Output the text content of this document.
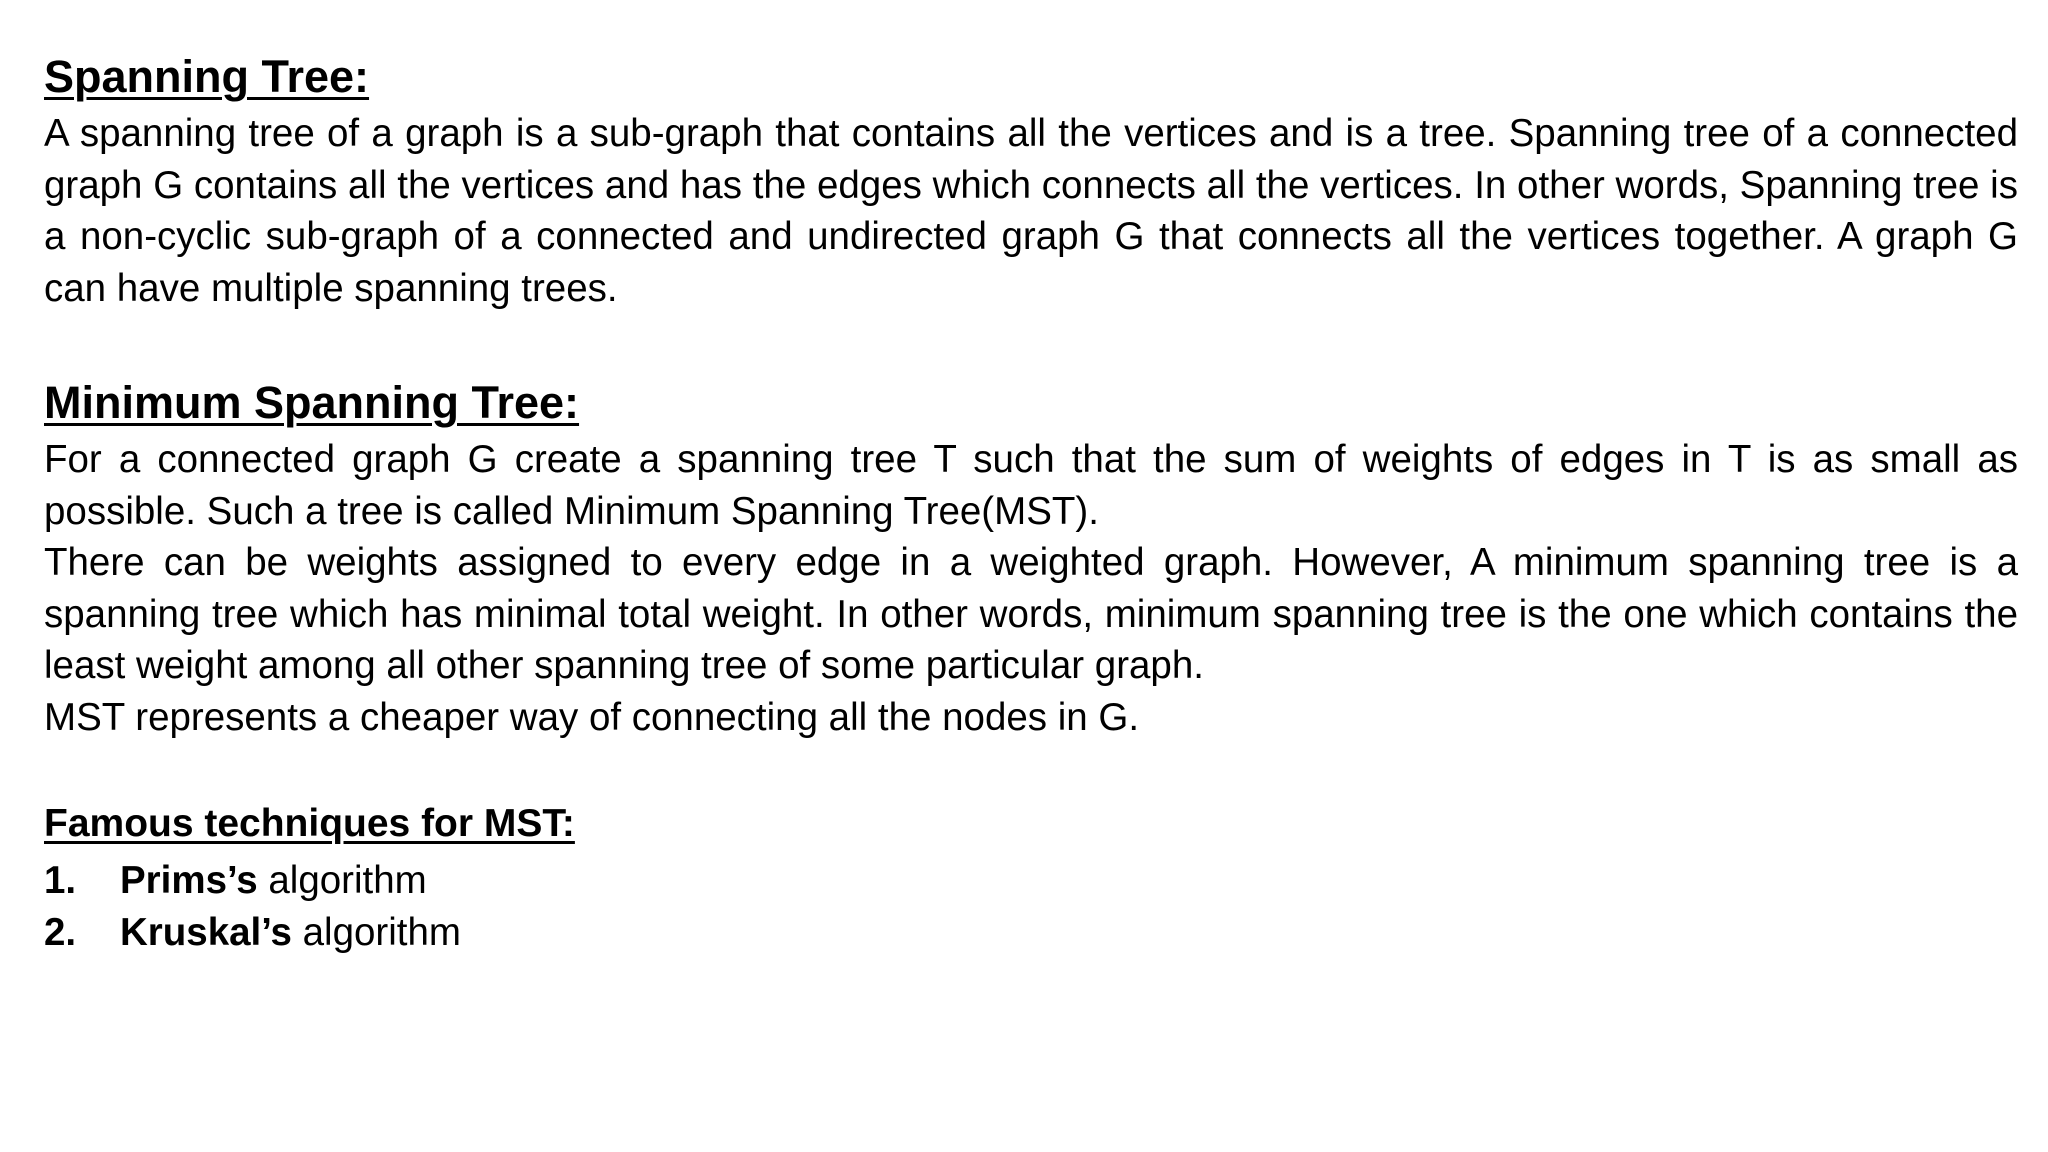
Spanning Tree:

A spanning tree of a graph is a sub-graph that contains all the vertices and is a tree. Spanning tree of a connected graph G contains all the vertices and has the edges which connects all the vertices. In other words, Spanning tree is a non-cyclic sub-graph of a connected and undirected graph G that connects all the vertices together. A graph G can have multiple spanning trees.

Minimum Spanning Tree:

For a connected graph G create a spanning tree T such that the sum of weights of edges in T is as small as possible. Such a tree is called Minimum Spanning Tree(MST).

There can be weights assigned to every edge in a weighted graph. However, A minimum spanning tree is a spanning tree which has minimal total weight. In other words, minimum spanning tree is the one which contains the least weight among all other spanning tree of some particular graph.

MST represents a cheaper way of connecting all the nodes in G.

Famous techniques for MST:
1.	Prims’s algorithm
2.	Kruskal’s algorithm
